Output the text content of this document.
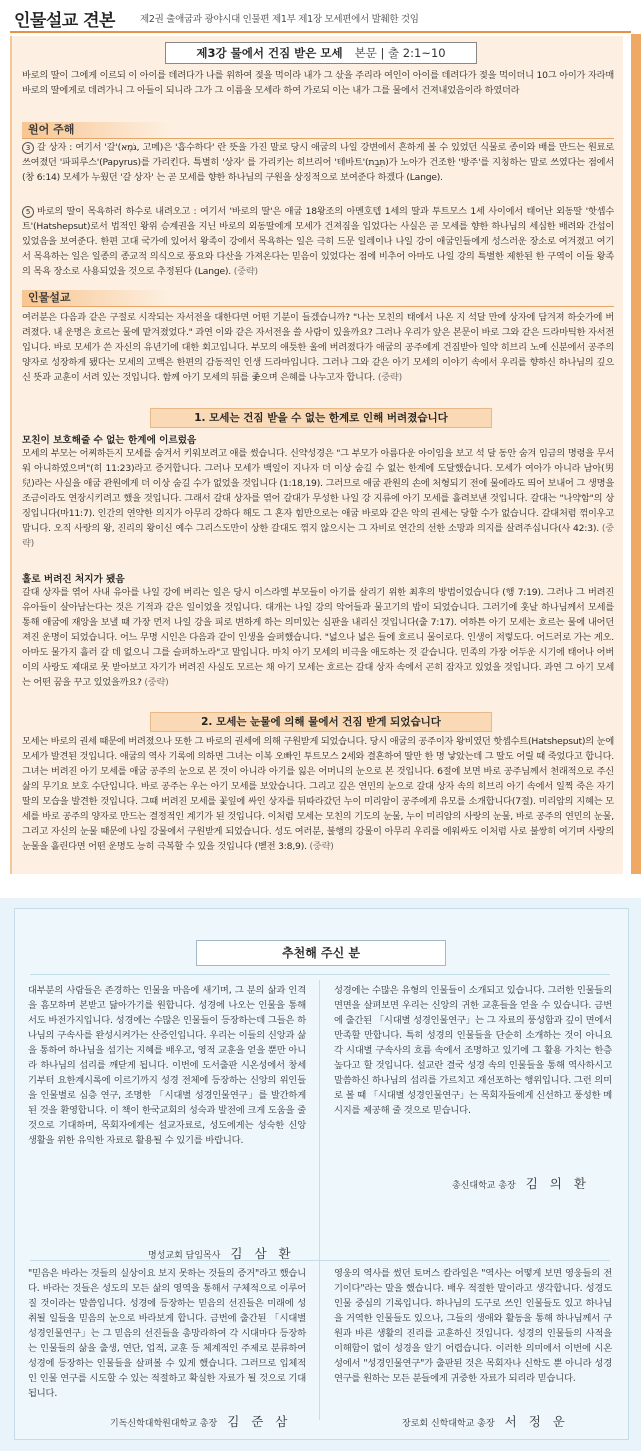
인물설교 견본	제2권 출애굽과 광야시대 인물편 제1부 제1장 모세편에서 발췌한 것임
제3강 물에서 건짐 받은 모세 본문 | 출 2:1~10
바로의 딸이 그에게 이르되 이 아이를 데려다가 나를 위하여 젖을 먹이라 내가 그 삯을 주리라 여인이 아이를 데려다가 젖을 먹이더니 10그 아이가 자라매 바로의 딸에게로 데려가니 그 아들이 되니라 그가 그 이름을 모세라 하여 가로되 이는 내가 그를 물에서 건져내었음이라 하였더라
원어 주해
3 갈 상자 : 여기서 '갈'(גֹּמֶא, 고메)은 '흡수하다' 란 뜻을 가진 말로 당시 애굽의 나일 강변에서 흔하게 볼 수 있었던 식물로 종이와 배를 만드는 원료로 쓰여졌던 '파피루스'(Papyrus)를 가리킨다. 특별히 '상자' 를 가리키는 히브리어 '테바트'(תֵּבַת)가 노아가 건조한 '방주'를 지칭하는 말로 쓰였다는 점에서 (창 6:14) 모세가 누웠던 '갈 상자' 는 곧 모세를 향한 하나님의 구원을 상징적으로 보여준다 하겠다 (Lange).
5 바로의 딸이 목욕하러 하수로 내려오고 : 여기서 '바로의 딸'은 애굽 18왕조의 아멘호텝 1세의 딸과 투트모스 1세 사이에서 태어난 외동딸 '핫셉수트'(Hatshepsut)로서 법적인 왕위 승계권을 지닌 바로의 외동딸에게 모세가 건져짐을 입었다는 사실은 곧 모세를 향한 하나님의 세심한 배려와 간섭이 있었음을 보여준다. 한편 고대 국가에 있어서 왕족이 강에서 목욕하는 일은 극히 드문 일레이나 나일 강이 애굽인들에게 성스러운 장소로 여겨졌고 여기서 목욕하는 일은 일종의 종교적 의식으로 풍요와 다산을 가져온다는 믿음이 있었다는 점에 비추어 아마도 나일 강의 특별한 제한된 한 구역이 이들 왕족의 목욕 장소로 사용되었을 것으로 추정된다 (Lange). (중략)
인물설교
여러분은 다음과 같은 구절로 시작되는 자서전을 대한다면 어떤 기분이 들겠습니까? "나는 모친의 태에서 나온 지 석달 만에 상자에 담겨져 하숫가에 버려졌다. 내 운명은 흐르는 물에 맡겨졌었다." 과연 이와 같은 자서전을 쓸 사람이 있을까요? 그러나 우리가 앞은 본문이 바로 그와 같은 드라마틱한 자서전입니다. 바로 모세가 쓴 자신의 유년기에 대한 회고입니다. 부모의 애틋한 울에 버려졌다가 애굽의 공주에게 건짐받아 일약 히브리 노예 신분에서 공주의 양자로 성장하게 됐다는 모세의 고백은 한편의 감동적인 인생 드라마입니다. 그러나 그와 같은 아기 모세의 이야기 속에서 우리를 향하신 하나님의 깊으신 뜻과 교훈이 서려 있는 것입니다. 함께 아기 모세의 뒤를 좇으며 은혜를 나누고자 합니다. (중략)
1. 모세는 건짐 받을 수 없는 한계로 인해 버려졌습니다
모친이 보호해줄 수 없는 한계에 이르렀음
모세의 부모는 어찌하든지 모세를 숨겨서 키워보려고 애를 썼습니다. 신약성경은 "그 부모가 아름다운 아이임을 보고 석 달 동안 숨겨 임금의 명령을 무서워 아니하였으며"(히 11:23)라고 증거합니다. 그러나 모세가 백일이 지나자 더 이상 숨길 수 없는 한계에 도달했습니다. 모세가 여아가 아니라 남아(男兒)라는 사실을 애굽 관원에게 더 이상 숨길 수가 없었을 것입니다 (1:18,19). 그러므로 애굽 관원의 손에 처형되기 전에 물에라도 띄어 보내어 그 생명을 조금이라도 연장시키려고 했을 것입니다. 그래서 갈대 상자를 엮어 갈대가 무성한 나일 강 지류에 아기 모세를 흘려보낸 것입니다. 갈대는 "나약함"의 상징입니다(마11:7). 인간의 연약한 의지가 아무리 강하다 해도 그 혼자 힘만으로는 애굽 바로와 같은 악의 권세는 당할 수가 없습니다. 갈대처럼 꺾이우고 맙니다. 오직 사랑의 왕, 진리의 왕이신 예수 그리스도만이 상한 갈대도 꺾지 않으시는 그 자비로 연간의 선한 소망과 의지를 살려주십니다(사 42:3). (중략)
홀로 버려진 처지가 됐음
갈대 상자를 엮어 사내 유아를 나일 강에 버리는 일은 당시 이스라엘 부모들이 아기를 살리기 위한 최후의 방법이었습니다 (행 7:19). 그러나 그 버려진 유아들이 살아남는다는 것은 기적과 같은 일이었을 것입니다. 대개는 나일 강의 악어들과 물고기의 밥이 되었습니다. 그러기에 훗날 하나님께서 모세를 통해 애굽에 재앙을 보낼 때 가장 먼저 나일 강을 피로 변하게 하는 의미있는 심판을 내리신 것입니다(출 7:17). 여하튼 아기 모세는 흐르는 물에 내어던져진 운명이 되었습니다. 어느 무명 시인은 다음과 같이 인생을 슬퍼했습니다. "넓으나 넓은 들에 흐르니 물이로다. 인생이 저렇도다. 어드러로 가는 게오. 아마도 물가지 흘러 갈 데 없으니 그를 슬퍼하노라"고 말입니다. 마치 아기 모세의 비극을 애도하는 것 같습니다. 민족의 가장 어두운 시기에 태어나 어버이의 사랑도 제대로 못 받아보고 자기가 버려진 사실도 모르는 채 아기 모세는 흐르는 갈대 상자 속에서 곤히 잠자고 있었을 것입니다. 과연 그 아기 모세는 어떤 꿈을 꾸고 있었을까요? (중략)
2. 모세는 눈물에 의해 물에서 건짐 받게 되었습니다
모세는 바로의 권세 때문에 버려졌으나 또한 그 바로의 권세에 의해 구원받게 되었습니다. 당시 애굽의 공주이자 왕비였던 핫셉수트(Hatshepsut)의 눈에 모세가 발견된 것입니다. 애굽의 역사 기록에 의하면 그녀는 이복 오빠인 투트모스 2세와 결혼하여 딸만 한 명 낳았는데 그 딸도 어릴 때 죽었다고 합니다. 그녀는 버려진 아기 모세를 애굽 공주의 눈으로 본 것이 아니라 아기를 잃은 어머니의 눈으로 본 것입니다. 6절에 보면 바로 공주님께서 천래적으로 주신 삶의 무기요 보호 수단입니다. 바로 공주는 우는 아기 모세를 보았습니다. 그리고 깊은 연민의 눈으로 갈대 상자 속의 히브리 아기 속에서 일찍 죽은 자기 딸의 모습을 발견한 것입니다. 그때 버려진 모세를 꽃잎에 싸인 상자를 뒤따라갔던 누이 미리암이 공주에게 유모를 소개합니다(7절). 미리암의 지혜는 모세를 바로 공주의 양자로 만드는 결정적인 계기가 된 것입니다. 이처럼 모세는 모친의 기도의 눈물, 누이 미리암의 사랑의 눈물, 바로 공주의 연민의 눈물, 그리고 자신의 눈물 때문에 나일 강물에서 구원받게 되었습니다. 성도 여러분, 불행의 강물이 아무리 우리를 에워싸도 이처럼 사로 불쌍히 여기며 사랑의 눈물을 흘린다면 어떤 운명도 능히 극복할 수 있을 것입니다 (벧전 3:8,9). (중략)
추천해 주신 분
대부분의 사람들은 존경하는 인물을 마음에 새기며, 그 분의 삶과 인격을 흠모하며 본받고 닮아가기를 원합니다. 성경에 나오는 인물을 통해서도 바전가지입니다. 성경에는 수많은 인물들이 등장하는데 그들은 하나님의 구속사를 완성시켜가는 산증인입니다. 우리는 이들의 신앙과 삶을 통하여 하나님을 섬기는 지혜를 배우고, 영적 교훈을 얻을 뿐만 아니라 하나님의 섭리를 깨닫게 됩니다. 이번에 도서출판 시온성에서 창세기부터 요한계시록에 이르기까지 성경 전체에 등장하는 신앙의 위인들을 인물별로 심층 연구, 조명한 「시대별 성경인물연구」를 발간하게 된 것을 환영합니다. 이 책이 한국교회의 성숙과 발전에 크게 도움을 줄 것으로 기대하며, 목회자에게는 설교자료로, 성도에게는 성숙한 신앙 생활을 위한 유익한 자료로 활용될 수 있기를 바랍니다.
명성교회 담임목사 김 삼 환
성경에는 수많은 유형의 인물들이 소개되고 있습니다. 그러한 인물들의 면면을 살펴보면 우리는 신앙의 귀한 교훈들을 얻을 수 있습니다. 금번에 출간된 「시대별 성경인물연구」는 그 자료의 풍성함과 깊이 면에서 만족할 만합니다. 특히 성경의 인물들을 단순히 소개하는 것이 아니요 각 시대별 구속사의 흐름 속에서 조명하고 있기에 그 활용 가치는 한층 높다고 할 것입니다. 설교란 결국 성경 속의 인물들을 통해 역사하시고 말씀하신 하나님의 섭리를 가르치고 재선포하는 행위입니다. 그런 의미로 볼 때 「시대별 성경인물연구」는 목회자들에게 신선하고 풍성한 메시지를 제공해 줄 것으로 믿습니다.
총신대학교 총장 김 의 환
"믿음은 바라는 것들의 실상이요 보지 못하는 것들의 증거"라고 했습니다. 바라는 것들은 성도의 모든 삶의 영역을 통해서 구체적으로 이루어질 것이라는 말씀입니다. 성경에 등장하는 믿음의 선진들은 미래에 성취될 일들을 믿음의 눈으로 바라보게 합니다. 금번에 출간된 「시대별 성경인물연구」는 그 믿음의 선진들을 총망라하여 각 시대마다 등장하는 인물들의 삶을 출생, 연단, 업적, 교훈 등 체계적인 주제로 분류하여 성경에 등장하는 인물들을 살펴볼 수 있게 했습니다. 그러므로 입체적인 인물 연구를 시도할 수 있는 적절하고 확실한 자료가 될 것으로 기대됩니다.
기독신학대학원대학교 총장 김 준 삼
영웅의 역사를 썼던 토머스 칼라일은 "역사는 어떻게 보면 영웅들의 전기이다"라는 말을 했습니다. 배우 적절한 말이라고 생각합니다. 성경도 인물 중심의 기록입니다. 하나님의 도구로 쓰인 인물들도 있고 하나님을 거역한 인물들도 있으나, 그들의 생애와 활동을 통해 하나님께서 구원과 바른 생활의 진리를 교훈하신 것입니다. 성경의 인물들의 사적을 이해함이 없이 성경을 알기 어렵습니다. 이러한 의미에서 이번에 시온성에서 "성경인물연구"가 출판된 것은 목회자나 신학도 뿐 아니라 성경연구를 원하는 모든 분들에게 귀중한 자료가 되리라 믿습니다.
장로회 신학대학교 총장 서 정 운
